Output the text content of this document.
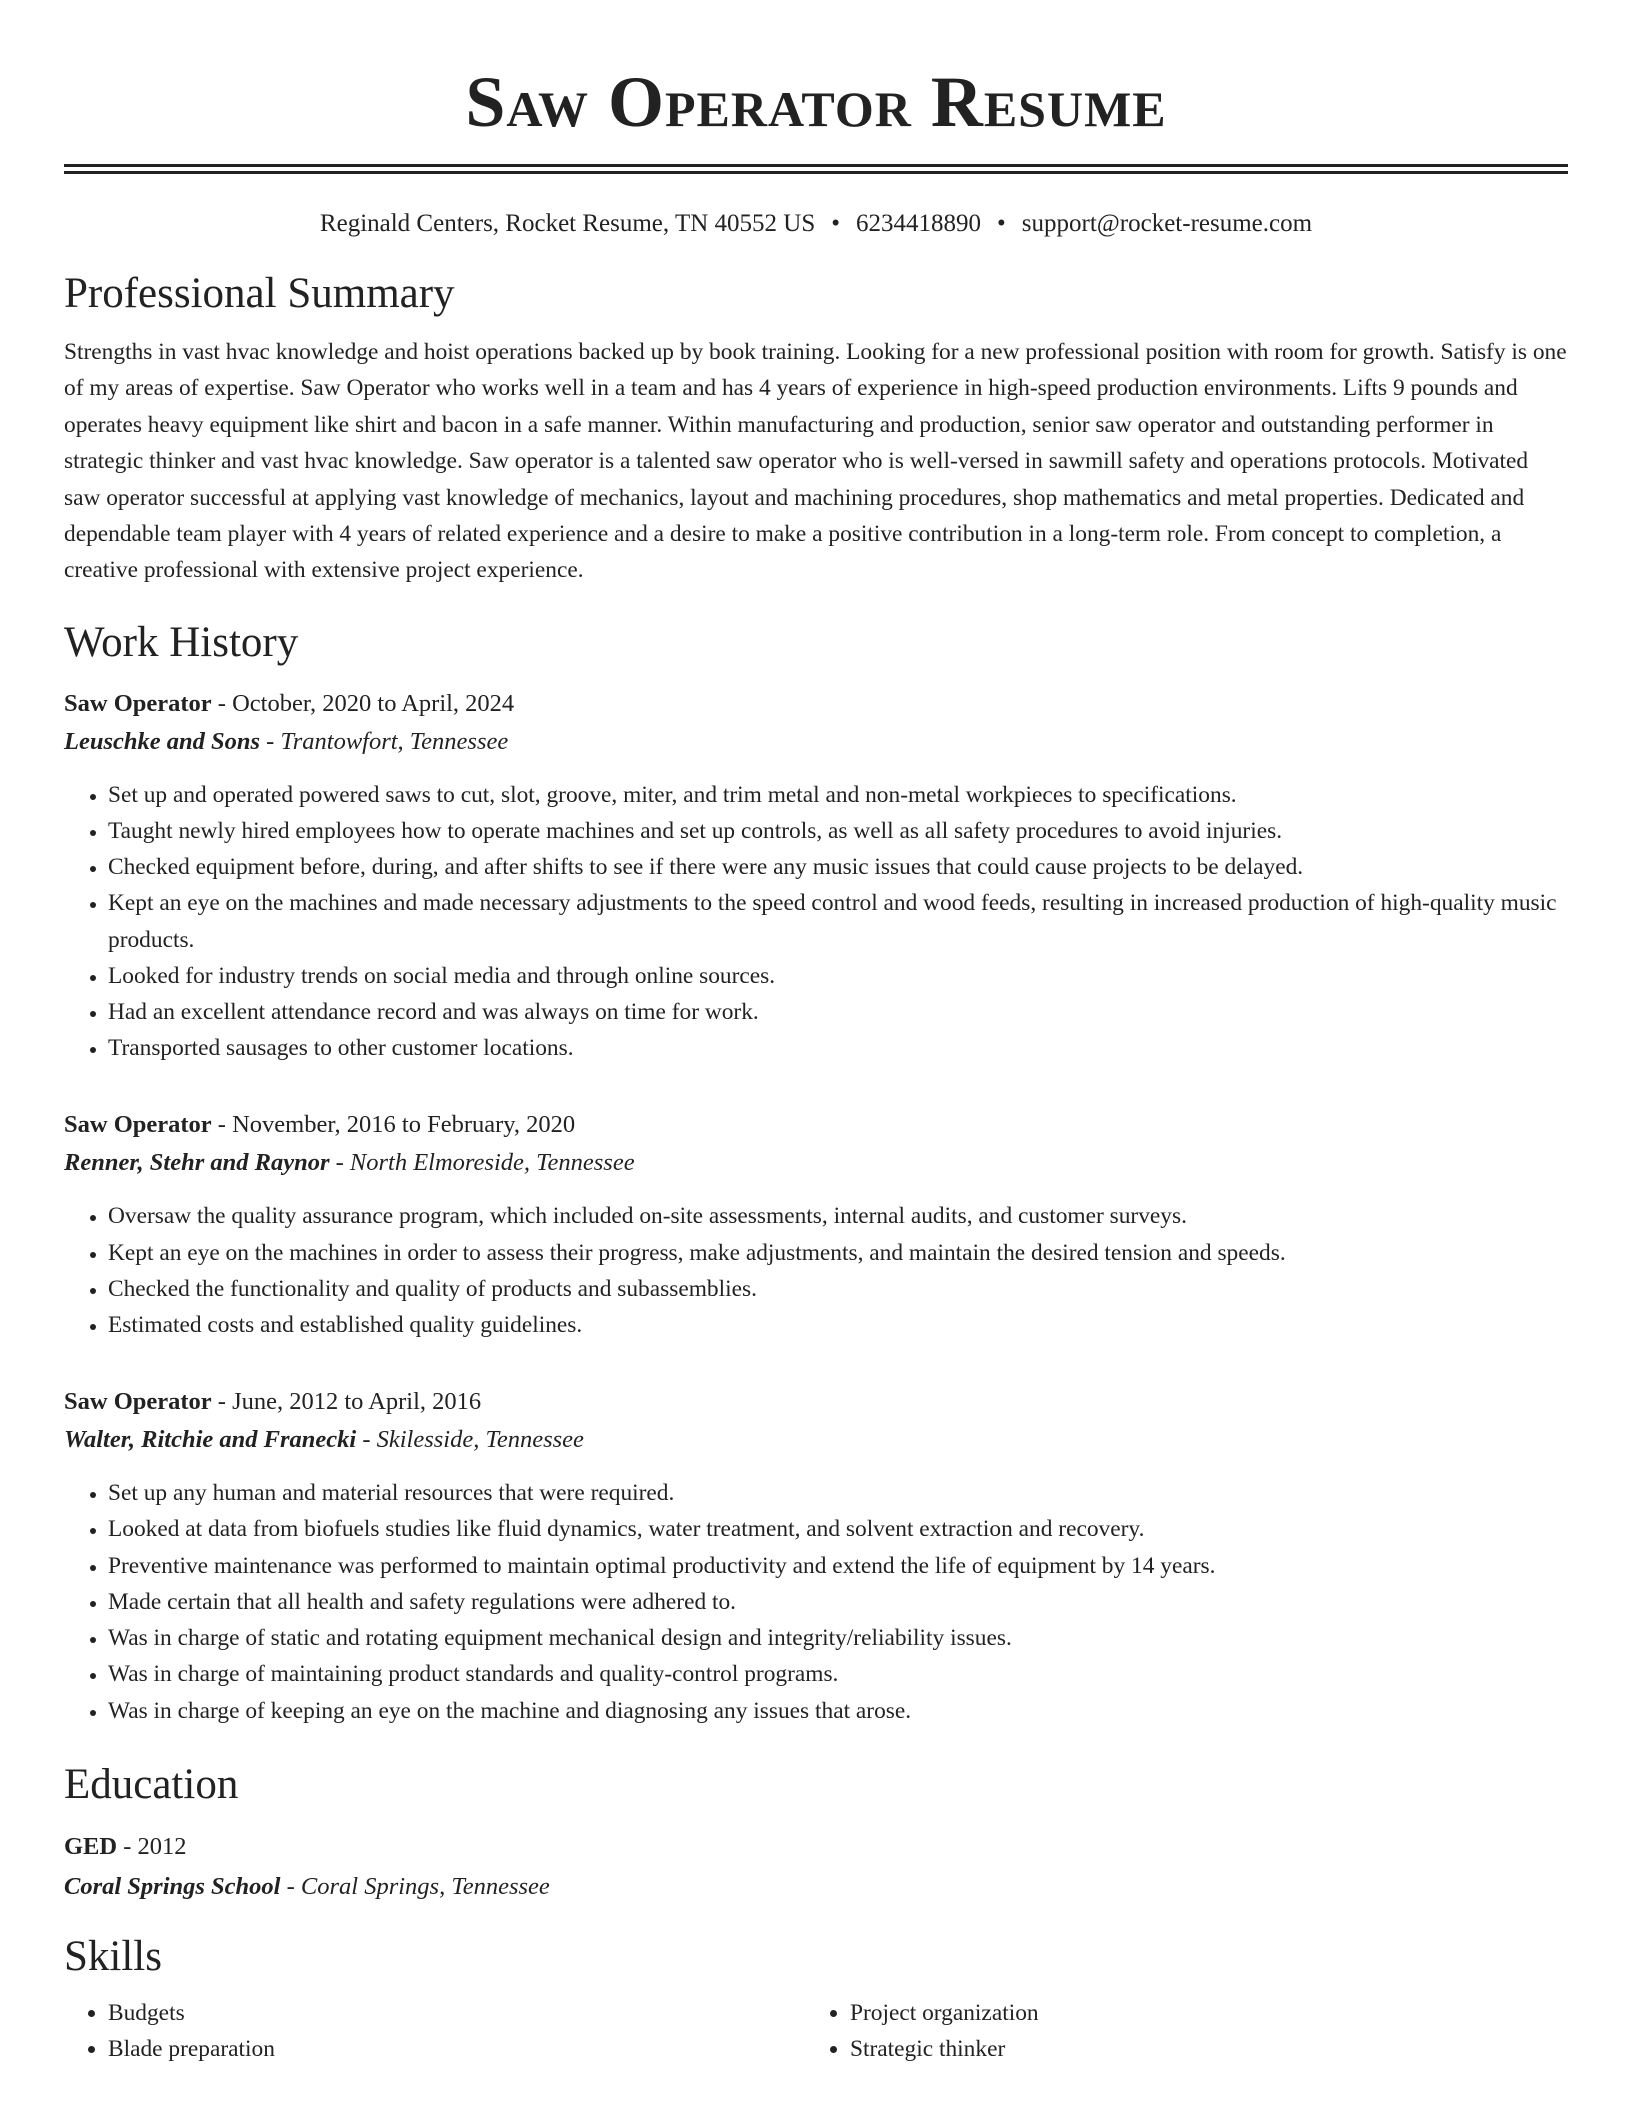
Saw Operator Resume
Reginald Centers, Rocket Resume, TN 40552 US • 6234418890 • support@rocket-resume.com
Professional Summary

Strengths in vast hvac knowledge and hoist operations backed up by book training. Looking for a new professional position with room for growth. Satisfy is one of my areas of expertise. Saw Operator who works well in a team and has 4 years of experience in high-speed production environments. Lifts 9 pounds and operates heavy equipment like shirt and bacon in a safe manner. Within manufacturing and production, senior saw operator and outstanding performer in strategic thinker and vast hvac knowledge. Saw operator is a talented saw operator who is well-versed in sawmill safety and operations protocols. Motivated saw operator successful at applying vast knowledge of mechanics, layout and machining procedures, shop mathematics and metal properties. Dedicated and dependable team player with 4 years of related experience and a desire to make a positive contribution in a long-term role. From concept to completion, a creative professional with extensive project experience.

Work History
Saw Operator - October, 2020 to April, 2024
Leuschke and Sons - Trantowfort, Tennessee
• Set up and operated powered saws to cut, slot, groove, miter, and trim metal and non-metal workpieces to specifications.
• Taught newly hired employees how to operate machines and set up controls, as well as all safety procedures to avoid injuries.
• Checked equipment before, during, and after shifts to see if there were any music issues that could cause projects to be delayed.
• Kept an eye on the machines and made necessary adjustments to the speed control and wood feeds, resulting in increased production of high-quality music products.
• Looked for industry trends on social media and through online sources.
• Had an excellent attendance record and was always on time for work.
• Transported sausages to other customer locations.
Saw Operator - November, 2016 to February, 2020
Renner, Stehr and Raynor - North Elmoreside, Tennessee
• Oversaw the quality assurance program, which included on-site assessments, internal audits, and customer surveys.
• Kept an eye on the machines in order to assess their progress, make adjustments, and maintain the desired tension and speeds.
• Checked the functionality and quality of products and subassemblies.
• Estimated costs and established quality guidelines.
Saw Operator - June, 2012 to April, 2016
Walter, Ritchie and Franecki - Skilesside, Tennessee
• Set up any human and material resources that were required.
• Looked at data from biofuels studies like fluid dynamics, water treatment, and solvent extraction and recovery.
• Preventive maintenance was performed to maintain optimal productivity and extend the life of equipment by 14 years.
• Made certain that all health and safety regulations were adhered to.
• Was in charge of static and rotating equipment mechanical design and integrity/reliability issues.
• Was in charge of maintaining product standards and quality-control programs.
• Was in charge of keeping an eye on the machine and diagnosing any issues that arose.
Education
GED - 2012
Coral Springs School - Coral Springs, Tennessee
Skills
• Budgets
• Blade preparation
• Project organization
• Strategic thinker
